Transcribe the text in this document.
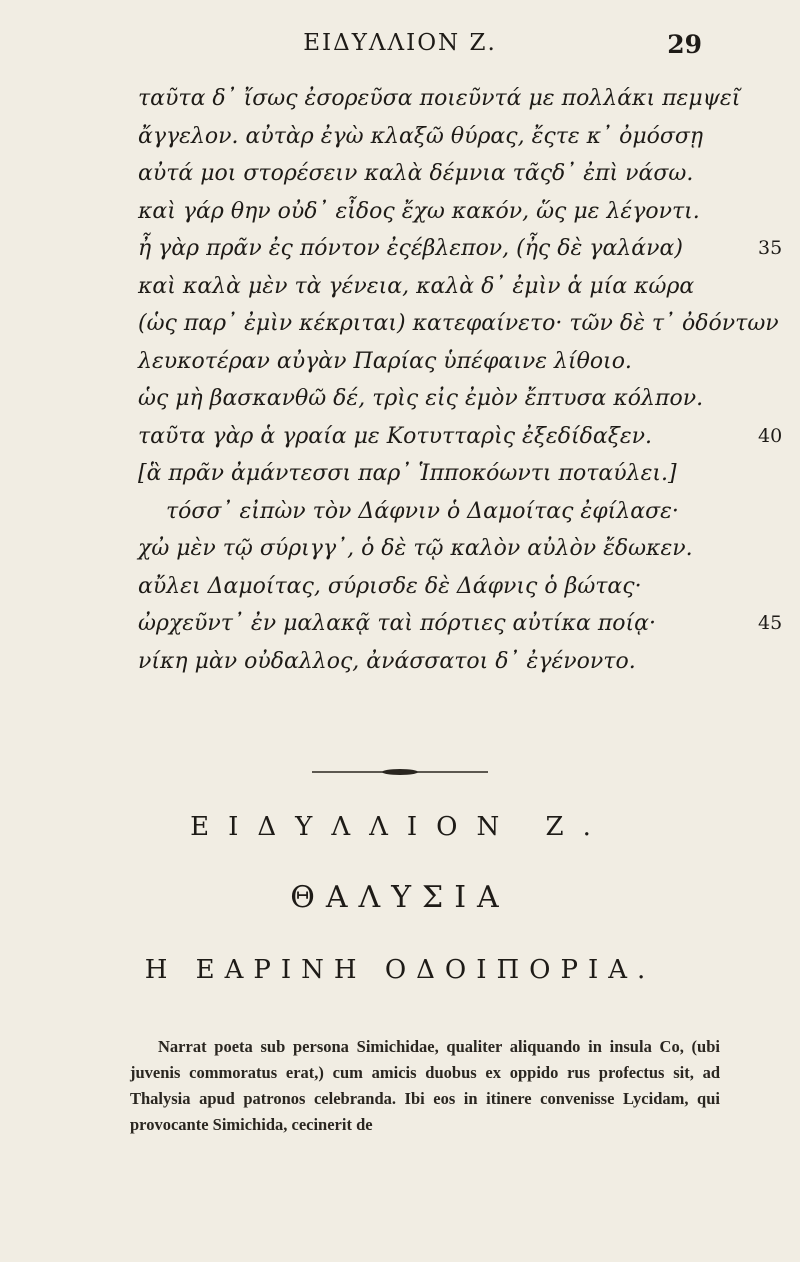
ΕΙΔΥΛΛΙΟΝ Ζ.	29
ταῦτα δ᾽ ἴσως ἐσορεῦσα ποιεῦντά με πολλάκι πεμψεῖ
ἄγγελον. αὐτὰρ ἐγὼ κλαξῶ θύρας, ἔςτε κ᾽ ὀμόσσῃ
αὐτά μοι στορέσειν καλὰ δέμνια τᾶςδ᾽ ἐπὶ νάσω.
καὶ γάρ θην οὐδ᾽ εἶδος ἔχω κακόν, ὥς με λέγοντι.
ἦ γὰρ πρᾶν ἐς πόντον ἐςέβλεπον, (ἦς δὲ γαλάνα)	35
καὶ καλὰ μὲν τὰ γένεια, καλὰ δ᾽ ἐμὶν ἁ μία κώρα
(ὡς παρ᾽ ἐμὶν κέκριται) κατεφαίνετο· τῶν δὲ τ᾽ ὀδόντων
λευκοτέραν αὐγὰν Παρίας ὑπέφαινε λίθοιο.
ὡς μὴ βασκανθῶ δέ, τρὶς εἰς ἐμὸν ἔπτυσα κόλπον.
ταῦτα γὰρ ἁ γραία με Κοτυτταρὶς ἐξεδίδαξεν.	40
[ἃ πρᾶν ἀμάντεσσι παρ᾽ Ἱπποκόωντι ποταύλει.]
τόσσ᾽ εἰπὼν τὸν Δάφνιν ὁ Δαμοίτας ἐφίλασε·
χὠ μὲν τῷ σύριγγ᾽, ὁ δὲ τῷ καλὸν αὐλὸν ἔδωκεν.
αὔλει Δαμοίτας, σύρισδε δὲ Δάφνις ὁ βώτας·
ὠρχεῦντ᾽ ἐν μαλακᾷ ταὶ πόρτιες αὐτίκα ποίᾳ·	45
νίκη μὰν οὐδαλλος, ἀνάσσατοι δ᾽ ἐγένοντο.
ΕΙΔΥΛΛΙΟΝ Ζ.
ΘΑΛΥΣΙΑ
Η ΕΑΡΙΝΗ ΟΔΟΙΠΟΡΙΑ.

Narrat poeta sub persona Simichidae, qualiter aliquando in insula Co, (ubi juvenis commoratus erat,) cum amicis duobus ex oppido rus profectus sit, ad Thalysia apud patronos celebranda. Ibi eos in itinere convenisse Lycidam, qui provocante Simichida, cecinerit de
